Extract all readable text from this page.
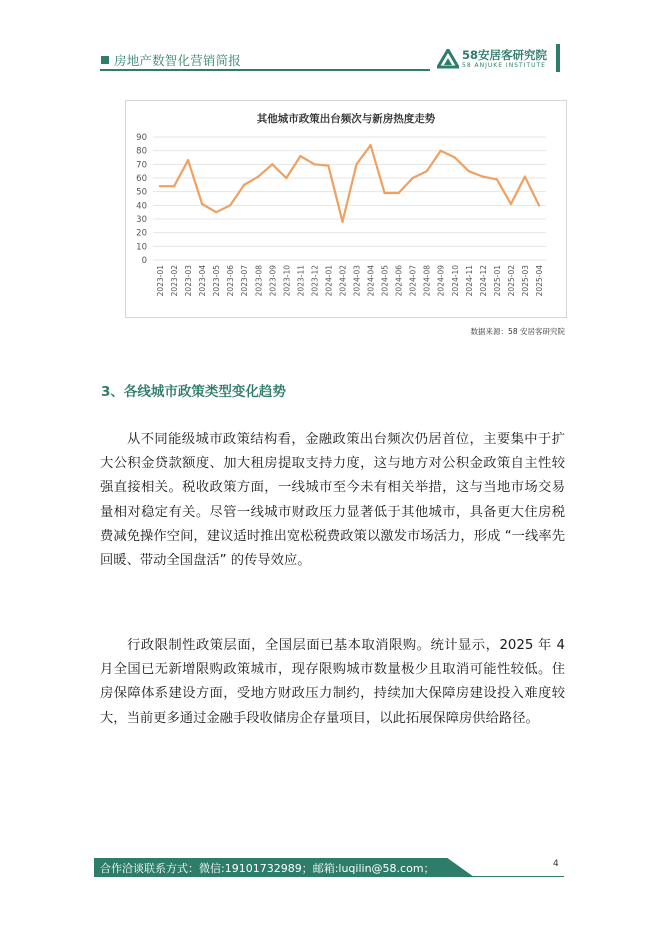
房地产数智化营销简报	58安居客研究院
58 ANJUKE INSTITUTE
其他城市政策出台频次与新房热度走势
0
10
20
30
40
50
60
70
80
90
2023-01 2023-02 2023-03 2023-04 2023-05 2023-06 2023-07 2023-08 2023-09 2023-10 2023-11 2023-12 2024-01 2024-02 2024-03 2024-04 2024-05 2024-06 2024-07 2024-08 2024-09 2024-10 2024-11 2024-12 2025-01 2025-02 2025-03 2025-04
数据来源：58 安居客研究院
3、各线城市政策类型变化趋势

从不同能级城市政策结构看，金融政策出台频次仍居首位，主要集中于扩大公积金贷款额度、加大租房提取支持力度，这与地方对公积金政策自主性较强直接相关。税收政策方面，一线城市至今未有相关举措，这与当地市场交易量相对稳定有关。尽管一线城市财政压力显著低于其他城市，具备更大住房税费减免操作空间，建议适时推出宽松税费政策以激发市场活力，形成 “一线率先回暖、带动全国盘活” 的传导效应。

行政限制性政策层面，全国层面已基本取消限购。统计显示，2025 年 4 月全国已无新增限购政策城市，现存限购城市数量极少且取消可能性较低。住房保障体系建设方面，受地方财政压力制约，持续加大保障房建设投入难度较大，当前更多通过金融手段收储房企存量项目，以此拓展保障房供给路径。

合作洽谈联系方式：微信:19101732989；邮箱:luqilin@58.com；	4
